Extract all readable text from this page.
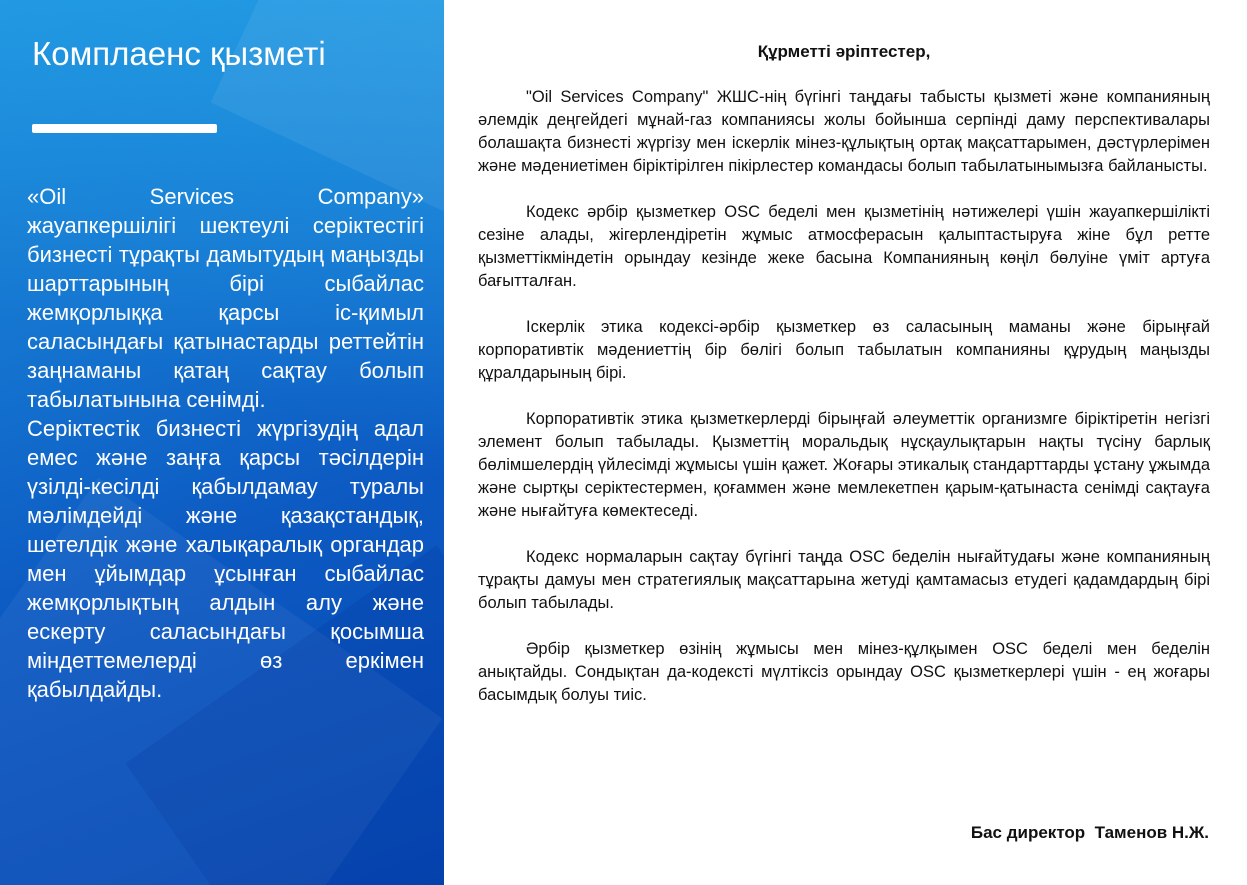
Комплаенс қызметі

«Oil Services Company» жауапкершілігі шектеулі серіктестігі бизнесті тұрақты дамытудың маңызды шарттарының бірі сыбайлас жемқорлыққа қарсы іс-қимыл саласындағы қатынастарды реттейтін заңнаманы қатаң сақтау болып табылатынына сенімді.

Серіктестік бизнесті жүргізудің адал емес және заңға қарсы тәсілдерін үзілді-кесілді қабылдамау туралы мәлімдейді және қазақстандық, шетелдік және халықаралық органдар мен ұйымдар ұсынған сыбайлас жемқорлықтың алдын алу және ескерту саласындағы қосымша міндеттемелерді өз еркімен қабылдайды.

Құрметті әріптестер,

"Oil Services Company" ЖШС-нің бүгінгі таңдағы табысты қызметі және компанияның әлемдік деңгейдегі мұнай-газ компаниясы жолы бойынша серпінді даму перспективалары болашақта бизнесті жүргізу мен іскерлік мінез-құлықтың ортақ мақсаттарымен, дәстүрлерімен және мәдениетімен біріктірілген пікірлестер командасы болып табылатынымызға байланысты.

Кодекс әрбір қызметкер OSC беделі мен қызметінің нәтижелері үшін жауапкершілікті сезіне алады, жігерлендіретін жұмыс атмосферасын қалыптастыруға жіне бұл ретте қызметтікміндетін орындау кезінде жеке басына Компанияның көңіл бөлуіне үміт артуға бағытталған.

Іскерлік этика кодексі-әрбір қызметкер өз саласының маманы және бірыңғай корпоративтік мәдениеттің бір бөлігі болып табылатын компанияны құрудың маңызды құралдарының бірі.

Корпоративтік этика қызметкерлерді бірыңғай әлеуметтік организмге біріктіретін негізгі элемент болып табылады. Қызметтің моральдық нұсқаулықтарын нақты түсіну барлық бөлімшелердің үйлесімді жұмысы үшін қажет. Жоғары этикалық стандарттарды ұстану ұжымда және сыртқы серіктестермен, қоғаммен және мемлекетпен қарым-қатынаста сенімді сақтауға және нығайтуға көмектеседі.

Кодекс нормаларын сақтау бүгінгі таңда OSC беделін нығайтудағы және компанияның тұрақты дамуы мен стратегиялық мақсаттарына жетуді қамтамасыз етудегі қадамдардың бірі болып табылады.

Әрбір қызметкер өзінің жұмысы мен мінез-құлқымен OSC беделі мен беделін анықтайды. Сондықтан да-кодексті мүлтіксіз орындау OSC қызметкерлері үшін - ең жоғары басымдық болуы тиіс.

Бас директор  Таменов Н.Ж.
